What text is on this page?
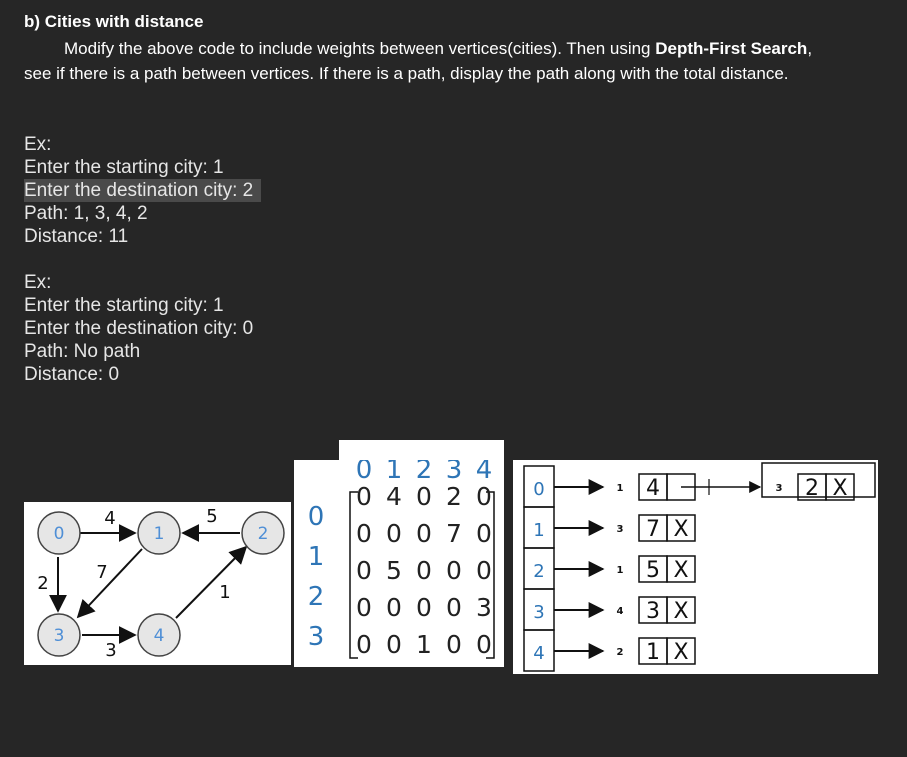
b) Cities with distance
Modify the above code to include weights between vertices(cities). Then using Depth-First Search, see if there is a path between vertices. If there is a path, display the path along with the total distance.
Ex:
Enter the starting city: 1
Enter the destination city: 2
Path: 1, 3, 4, 2
Distance: 11
Ex:
Enter the starting city: 1
Enter the destination city: 0
Path: No path
Distance: 0
0	1	2
3	4
4	5
2
7
1
3
0 1 2 3 4
0
1
2
3
0 4 0 2 0
0 0 0 7 0
0 5 0 0 0
0 0 0 0 3
0 0 1 0 0
0	1 4	3 2 X
1	3 7 X
2	1 5 X
3	4 3 X
4	2 1 X
